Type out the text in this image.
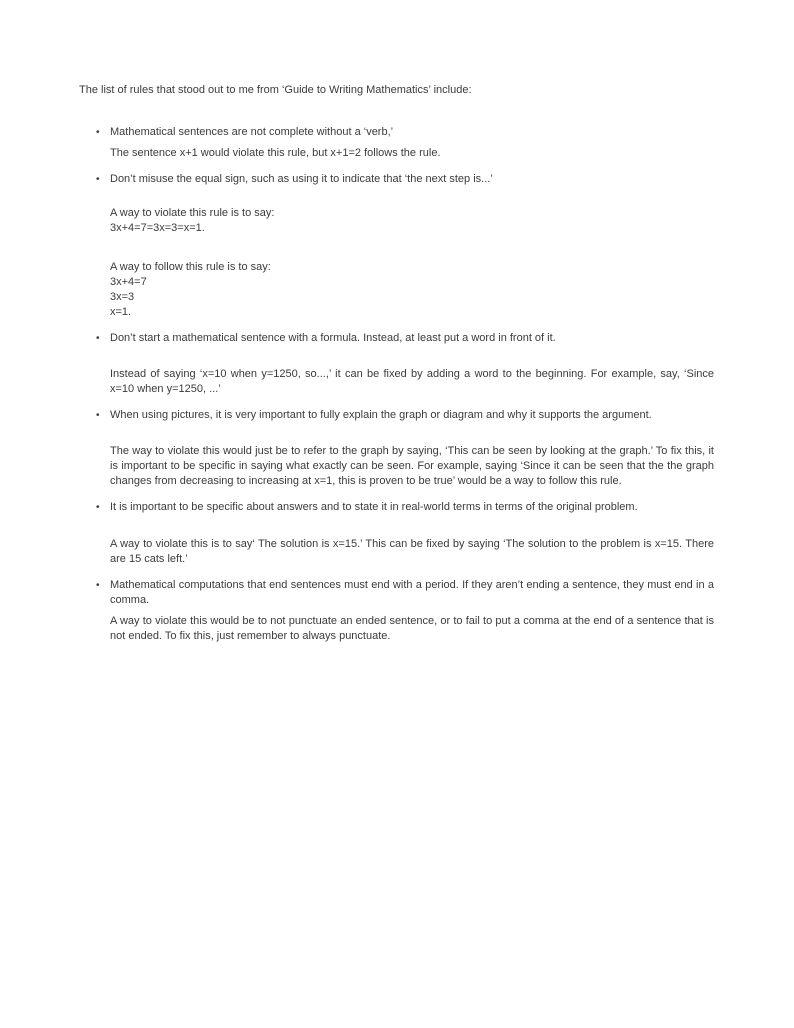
The list of rules that stood out to me from ‘Guide to Writing Mathematics’ include:

• Mathematical sentences are not complete without a ‘verb,’

The sentence x+1 would violate this rule, but x+1=2 follows the rule.

• Don’t misuse the equal sign, such as using it to indicate that ‘the next step is...’

A way to violate this rule is to say:

3x+4=7=3x=3=x=1.

A way to follow this rule is to say:

3x+4=7

3x=3

x=1.

• Don’t start a mathematical sentence with a formula. Instead, at least put a word in front of it.

Instead of saying ‘x=10 when y=1250, so...,’ it can be fixed by adding a word to the beginning. For example, say, ‘Since x=10 when y=1250, ...’

• When using pictures, it is very important to fully explain the graph or diagram and why it supports the argument.

The way to violate this would just be to refer to the graph by saying, ‘This can be seen by looking at the graph.’ To fix this, it is important to be specific in saying what exactly can be seen. For example, saying ‘Since it can be seen that the the graph changes from decreasing to increasing at x=1, this is proven to be true’ would be a way to follow this rule.

• It is important to be specific about answers and to state it in real-world terms in terms of the original problem.

A way to violate this is to say‘ The solution is x=15.’ This can be fixed by saying ‘The solution to the problem is x=15. There are 15 cats left.’

• Mathematical computations that end sentences must end with a period. If they aren’t ending a sentence, they must end in a comma.

A way to violate this would be to not punctuate an ended sentence, or to fail to put a comma at the end of a sentence that is not ended. To fix this, just remember to always punctuate.
